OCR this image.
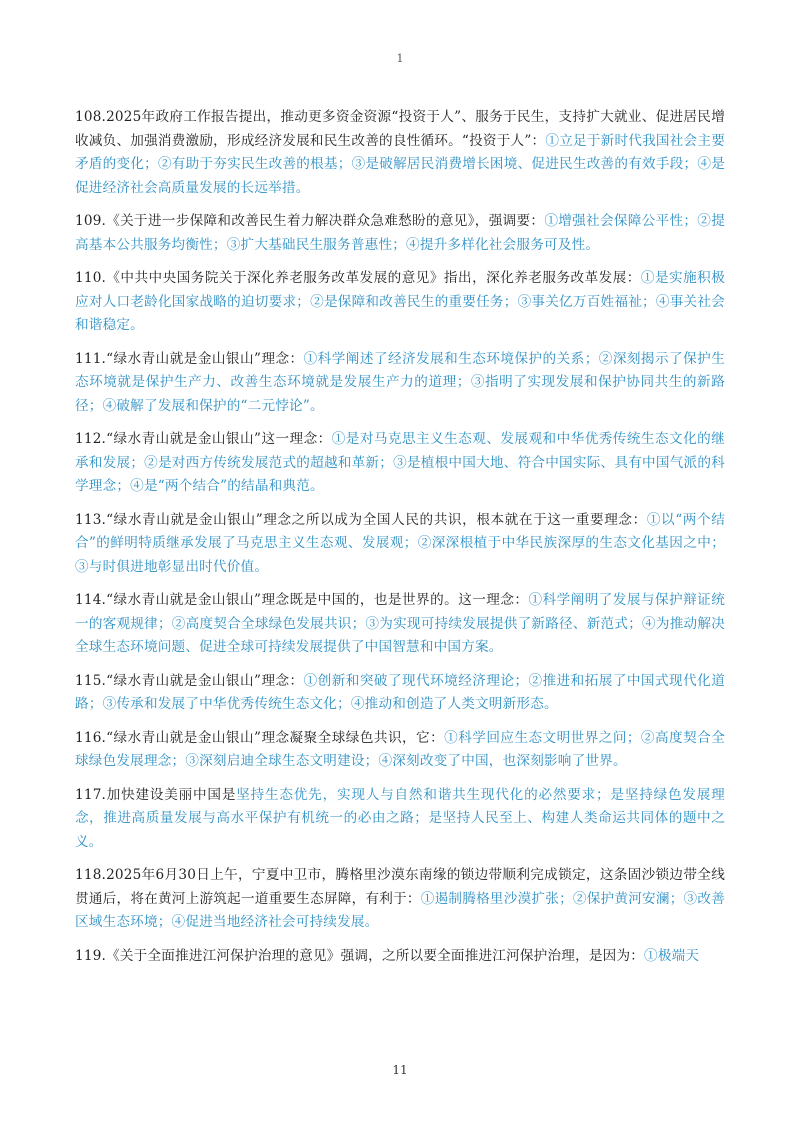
1

108.2025年政府工作报告提出，推动更多资金资源“投资于人”、服务于民生，支持扩大就业、促进居民增收减负、加强消费激励，形成经济发展和民生改善的良性循环。“投资于人”：①立足于新时代我国社会主要矛盾的变化；②有助于夯实民生改善的根基；③是破解居民消费增长困境、促进民生改善的有效手段；④是促进经济社会高质量发展的长远举措。

109.《关于进一步保障和改善民生着力解决群众急难愁盼的意见》，强调要：①增强社会保障公平性；②提高基本公共服务均衡性；③扩大基础民生服务普惠性；④提升多样化社会服务可及性。

110.《中共中央国务院关于深化养老服务改革发展的意见》指出，深化养老服务改革发展：①是实施积极应对人口老龄化国家战略的迫切要求；②是保障和改善民生的重要任务；③事关亿万百姓福祉；④事关社会和谐稳定。

111.“绿水青山就是金山银山”理念：①科学阐述了经济发展和生态环境保护的关系；②深刻揭示了保护生态环境就是保护生产力、改善生态环境就是发展生产力的道理；③指明了实现发展和保护协同共生的新路径；④破解了发展和保护的“二元悖论”。

112.“绿水青山就是金山银山”这一理念：①是对马克思主义生态观、发展观和中华优秀传统生态文化的继承和发展；②是对西方传统发展范式的超越和革新；③是植根中国大地、符合中国实际、具有中国气派的科学理念；④是“两个结合”的结晶和典范。

113.“绿水青山就是金山银山”理念之所以成为全国人民的共识，根本就在于这一重要理念：①以“两个结合”的鲜明特质继承发展了马克思主义生态观、发展观；②深深根植于中华民族深厚的生态文化基因之中；③与时俱进地彰显出时代价值。

114.“绿水青山就是金山银山”理念既是中国的，也是世界的。这一理念：①科学阐明了发展与保护辩证统一的客观规律；②高度契合全球绿色发展共识；③为实现可持续发展提供了新路径、新范式；④为推动解决全球生态环境问题、促进全球可持续发展提供了中国智慧和中国方案。

115.“绿水青山就是金山银山”理念：①创新和突破了现代环境经济理论；②推进和拓展了中国式现代化道路；③传承和发展了中华优秀传统生态文化；④推动和创造了人类文明新形态。

116.“绿水青山就是金山银山”理念凝聚全球绿色共识，它：①科学回应生态文明世界之问；②高度契合全球绿色发展理念；③深刻启迪全球生态文明建设；④深刻改变了中国，也深刻影响了世界。

117.加快建设美丽中国是坚持生态优先，实现人与自然和谐共生现代化的必然要求；是坚持绿色发展理念，推进高质量发展与高水平保护有机统一的必由之路；是坚持人民至上、构建人类命运共同体的题中之义。

118.2025年6月30日上午，宁夏中卫市，腾格里沙漠东南缘的锁边带顺利完成锁定，这条固沙锁边带全线贯通后，将在黄河上游筑起一道重要生态屏障，有利于：①遏制腾格里沙漠扩张；②保护黄河安澜；③改善区域生态环境；④促进当地经济社会可持续发展。

119.《关于全面推进江河保护治理的意见》强调，之所以要全面推进江河保护治理，是因为：①极端天

11
